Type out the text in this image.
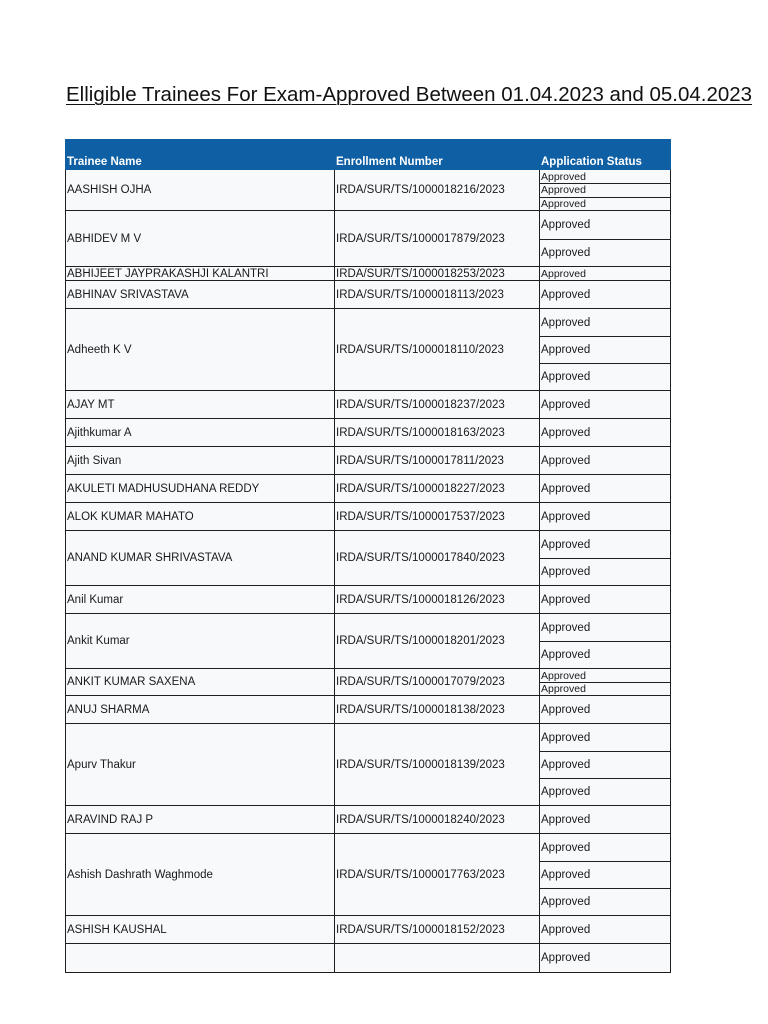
Elligible Trainees For Exam-Approved Between 01.04.2023 and 05.04.2023
Trainee Name	Enrollment Number	Application Status
AASHISH OJHA	IRDA/SUR/TS/1000018216/2023	Approved
Approved
Approved

ABHIDEV M V	IRDA/SUR/TS/1000017879/2023	Approved
Approved

ABHIJEET JAYPRAKASHJI KALANTRI	IRDA/SUR/TS/1000018253/2023	Approved

ABHINAV SRIVASTAVA	IRDA/SUR/TS/1000018113/2023	Approved

Adheeth K V	IRDA/SUR/TS/1000018110/2023	Approved
Approved
Approved

AJAY MT	IRDA/SUR/TS/1000018237/2023	Approved

Ajithkumar A	IRDA/SUR/TS/1000018163/2023	Approved

Ajith Sivan	IRDA/SUR/TS/1000017811/2023	Approved

AKULETI MADHUSUDHANA REDDY	IRDA/SUR/TS/1000018227/2023	Approved

ALOK KUMAR MAHATO	IRDA/SUR/TS/1000017537/2023	Approved

ANAND KUMAR SHRIVASTAVA	IRDA/SUR/TS/1000017840/2023	Approved
Approved

Anil Kumar	IRDA/SUR/TS/1000018126/2023	Approved

Ankit Kumar	IRDA/SUR/TS/1000018201/2023	Approved
Approved

ANKIT KUMAR SAXENA	IRDA/SUR/TS/1000017079/2023	Approved
Approved

ANUJ SHARMA	IRDA/SUR/TS/1000018138/2023	Approved

Apurv Thakur	IRDA/SUR/TS/1000018139/2023	Approved
Approved
Approved

ARAVIND RAJ P	IRDA/SUR/TS/1000018240/2023	Approved

Ashish Dashrath Waghmode	IRDA/SUR/TS/1000017763/2023	Approved
Approved
Approved

ASHISH KAUSHAL	IRDA/SUR/TS/1000018152/2023	Approved

Approved
